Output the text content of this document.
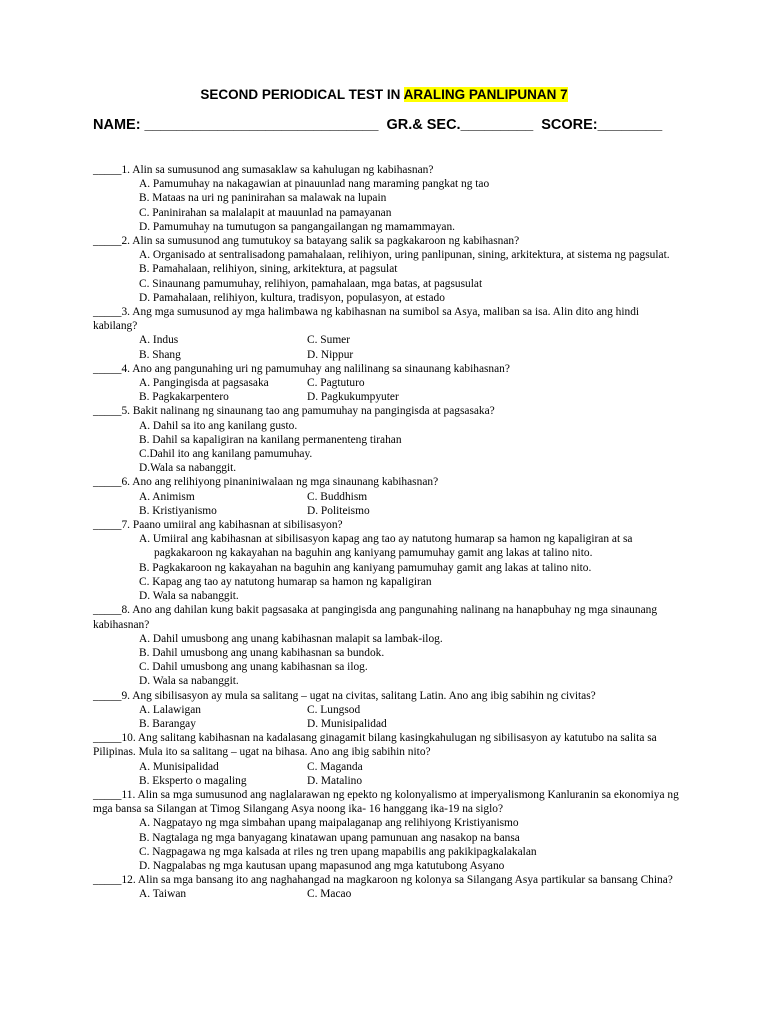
SECOND PERIODICAL TEST IN ARALING PANLIPUNAN 7
NAME: _____________________________  GR.& SEC._________  SCORE:________

_____1. Alin sa sumusunod ang sumasaklaw sa kahulugan ng kabihasnan?

A. Pamumuhay na nakagawian at pinauunlad nang maraming pangkat ng tao

B. Mataas na uri ng paninirahan sa malawak na lupain

C. Paninirahan sa malalapit at mauunlad na pamayanan

D. Pamumuhay na tumutugon sa pangangailangan ng mamammayan.

_____2. Alin sa sumusunod ang tumutukoy sa batayang salik sa pagkakaroon ng kabihasnan?

A. Organisado at sentralisadong pamahalaan, relihiyon, uring panlipunan, sining, arkitektura, at sistema ng pagsulat.

B. Pamahalaan, relihiyon, sining, arkitektura, at pagsulat

C. Sinaunang pamumuhay, relihiyon, pamahalaan, mga batas, at pagsusulat

D. Pamahalaan, relihiyon, kultura, tradisyon, populasyon, at estado

_____3. Ang mga sumusunod ay mga halimbawa ng kabihasnan na sumibol sa Asya, maliban sa isa. Alin dito ang hindi kabilang?

A. Indus	C. Sumer
B. Shang	D. Nippur

_____4. Ano ang pangunahing uri ng pamumuhay ang nalilinang sa sinaunang kabihasnan?

A. Pangingisda at pagsasaka	C. Pagtuturo
B. Pagkakarpentero	D. Pagkukumpyuter

_____5. Bakit nalinang ng sinaunang tao ang pamumuhay na pangingisda at pagsasaka?

A. Dahil sa ito ang kanilang gusto.

B. Dahil sa kapaligiran na kanilang permanenteng tirahan

C.Dahil ito ang kanilang pamumuhay.

D.Wala sa nabanggit.

_____6. Ano ang relihiyong pinaniniwalaan ng mga sinaunang kabihasnan?

A. Animism	C. Buddhism
B. Kristiyanismo	D. Politeismo

_____7. Paano umiiral ang kabihasnan at sibilisasyon?

A. Umiiral ang kabihasnan at sibilisasyon kapag ang tao ay natutong humarap sa hamon ng kapaligiran at sa pagkakaroon ng kakayahan na baguhin ang kaniyang pamumuhay gamit ang lakas at talino nito.

B. Pagkakaroon ng kakayahan na baguhin ang kaniyang pamumuhay gamit ang lakas at talino nito.

C. Kapag ang tao ay natutong humarap sa hamon ng kapaligiran

D. Wala sa nabanggit.

_____8. Ano ang dahilan kung bakit pagsasaka at pangingisda ang pangunahing nalinang na hanapbuhay ng mga sinaunang kabihasnan?

A. Dahil umusbong ang unang kabihasnan malapit sa lambak-ilog.

B. Dahil umusbong ang unang kabihasnan sa bundok.

C. Dahil umusbong ang unang kabihasnan sa ilog.

D. Wala sa nabanggit.

_____9. Ang sibilisasyon ay mula sa salitang – ugat na civitas, salitang Latin. Ano ang ibig sabihin ng civitas?

A. Lalawigan	C. Lungsod
B. Barangay	D. Munisipalidad

_____10. Ang salitang kabihasnan na kadalasang ginagamit bilang kasingkahulugan ng sibilisasyon ay katutubo na salita sa Pilipinas. Mula ito sa salitang – ugat na bihasa. Ano ang ibig sabihin nito?

A. Munisipalidad	C. Maganda
B. Eksperto o magaling	D. Matalino

_____11. Alin sa mga sumusunod ang naglalarawan ng epekto ng kolonyalismo at imperyalismong Kanluranin sa ekonomiya ng mga bansa sa Silangan at Timog Silangang Asya noong ika- 16 hanggang ika-19 na siglo?

A. Nagpatayo ng mga simbahan upang maipalaganap ang relihiyong Kristiyanismo

B. Nagtalaga ng mga banyagang kinatawan upang pamunuan ang nasakop na bansa

C. Nagpagawa ng mga kalsada at riles ng tren upang mapabilis ang pakikipagkalakalan

D. Nagpalabas ng mga kautusan upang mapasunod ang mga katutubong Asyano

_____12. Alin sa mga bansang ito ang naghahangad na magkaroon ng kolonya sa Silangang Asya partikular sa bansang China?

A. Taiwan	C. Macao
